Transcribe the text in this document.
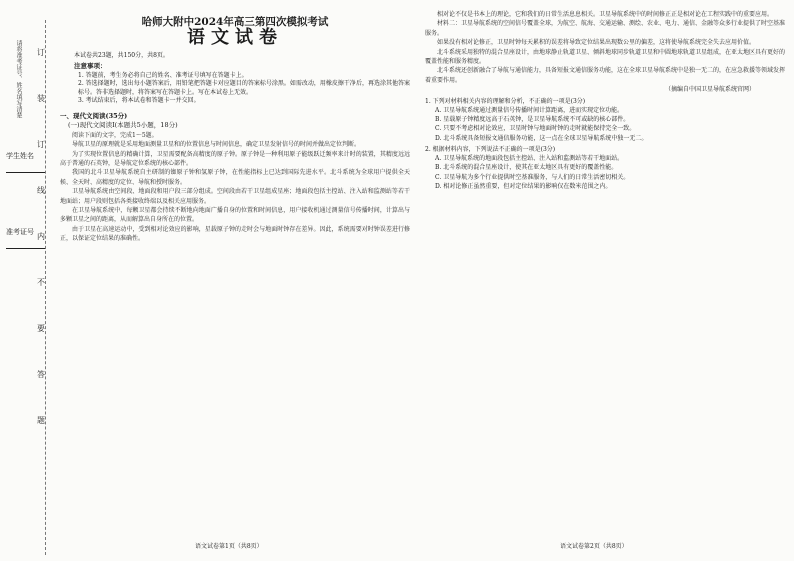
请将准考证号、姓名填写清楚
学生姓名
准考证号
订
装
订
线
内
不
要
答
题
哈师大附中2024年高三第四次模拟考试
语文试卷
本试卷共23题，共150分，共8页。
注意事项：
1. 答题前，考生务必将自己的姓名、准考证号填写在答题卡上。
2. 答选择题时，选出每小题答案后，用铅笔把答题卡对应题目的答案标号涂黑。如需改动，用橡皮擦干净后，再选涂其他答案标号。答非选择题时，将答案写在答题卡上。写在本试卷上无效。
3. 考试结束后，将本试卷和答题卡一并交回。
一、现代文阅读(35分)
(一)现代文阅读Ⅰ(本题共5小题，18分)
阅读下面的文字，完成1～5题。
导航卫星的原理就是采用地面测量卫星和的位置信息与时间信息，确定卫星发射信号的时间并做出定位判断。
为了实现位置信息的精确计算，卫星需要配备高精度的原子钟。原子钟是一种利用原子能级跃迁频率来计时的装置，其精度远远高于普通的石英钟，是导航定位系统的核心部件。
我国的北斗卫星导航系统自主研制的铷原子钟和氢原子钟，在性能指标上已达到国际先进水平。北斗系统为全球用户提供全天候、全天时、高精度的定位、导航和授时服务。
卫星导航系统由空间段、地面段和用户段三部分组成。空间段由若干卫星组成星座；地面段包括主控站、注入站和监测站等若干地面站；用户段则包括各类接收终端以及相关应用服务。
在卫星导航系统中，每颗卫星都会持续不断地向地面广播自身的位置和时间信息，用户接收机通过测量信号传播时间，计算出与多颗卫星之间的距离，从而解算出自身所在的位置。
由于卫星在高速运动中，受到相对论效应的影响，星载原子钟的走时会与地面时钟存在差异。因此，系统需要对时钟误差进行修正，以保证定位结果的准确性。
语文试卷第1页（共8页）
相对论不仅是书本上的理论，它和我们的日常生活息息相关。卫星导航系统中的时间修正正是相对论在工程实践中的重要应用。
材料二：卫星导航系统的空间信号覆盖全球，为航空、航海、交通运输、测绘、农业、电力、通信、金融等众多行业提供了时空基准服务。
如果没有相对论修正，卫星时钟每天累积的误差将导致定位结果出现数公里的偏差，这将使导航系统完全失去应用价值。
北斗系统采用独特的混合星座设计，由地球静止轨道卫星、倾斜地球同步轨道卫星和中圆地球轨道卫星组成，在亚太地区具有更好的覆盖性能和服务精度。
北斗系统还创新融合了导航与通信能力，具备短报文通信服务功能，这在全球卫星导航系统中是独一无二的，在应急救援等领域发挥着重要作用。
（摘编自中国卫星导航系统官网）
1. 下列对材料相关内容的理解和分析，不正确的一项是(3分)
A. 卫星导航系统通过测量信号传播时间计算距离，进而实现定位功能。
B. 星载原子钟精度远高于石英钟，是卫星导航系统不可或缺的核心部件。
C. 只要不考虑相对论效应，卫星时钟与地面时钟的走时就能保持完全一致。
D. 北斗系统具备短报文通信服务功能，这一点在全球卫星导航系统中独一无二。
2. 根据材料内容，下列说法不正确的一项是(3分)
A. 卫星导航系统的地面段包括主控站、注入站和监测站等若干地面站。
B. 北斗系统的混合星座设计，使其在亚太地区具有更好的覆盖性能。
C. 卫星导航为多个行业提供时空基准服务，与人们的日常生活密切相关。
D. 相对论修正虽然重要，但对定位结果的影响仅在数米范围之内。
语文试卷第2页（共8页）
